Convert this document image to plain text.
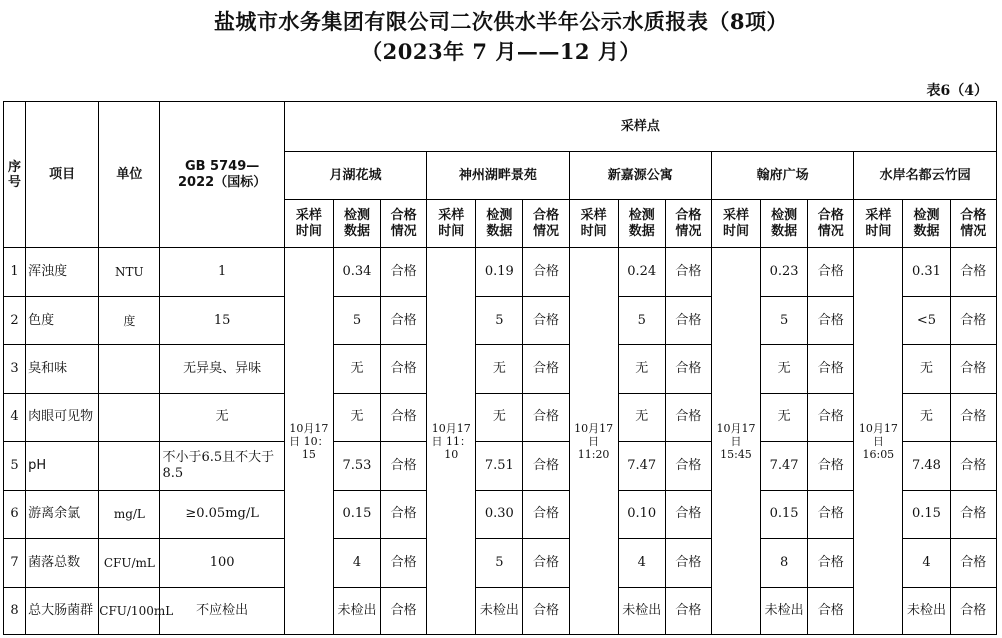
盐城市水务集团有限公司二次供水半年公示水质报表（8项）
（2023年 7 月——12 月）
表6（4）
序号	项目	单位	GB 5749—2022（国标）	采样点														
				月湖花城			神州湖畔景苑			新嘉源公寓			翰府广场			水岸名都云竹园		
				采样时间	检测数据	合格情况	采样时间	检测数据	合格情况	采样时间	检测数据	合格情况	采样时间	检测数据	合格情况	采样时间	检测数据	合格情况
1	浑浊度	NTU	1	10月17日 10：15	0.34	合格	10月17日 11：10	0.19	合格	10月17日 11:20	0.24	合格	10月17日 15:45	0.23	合格	10月17日 16:05	0.31	合格
2	色度	度	15		5	合格		5	合格		5	合格		5	合格		<5	合格
3	臭和味		无异臭、异味		无	合格		无	合格		无	合格		无	合格		无	合格
4	肉眼可见物		无		无	合格		无	合格		无	合格		无	合格		无	合格
5	pH		不小于6.5且不大于8.5		7.53	合格		7.51	合格		7.47	合格		7.47	合格		7.48	合格
6	游离余氯	mg/L	≥0.05mg/L		0.15	合格		0.30	合格		0.10	合格		0.15	合格		0.15	合格
7	菌落总数	CFU/mL	100		4	合格		5	合格		4	合格		8	合格		4	合格
8	总大肠菌群	CFU/100mL	不应检出		未检出	合格		未检出	合格		未检出	合格		未检出	合格		未检出	合格
